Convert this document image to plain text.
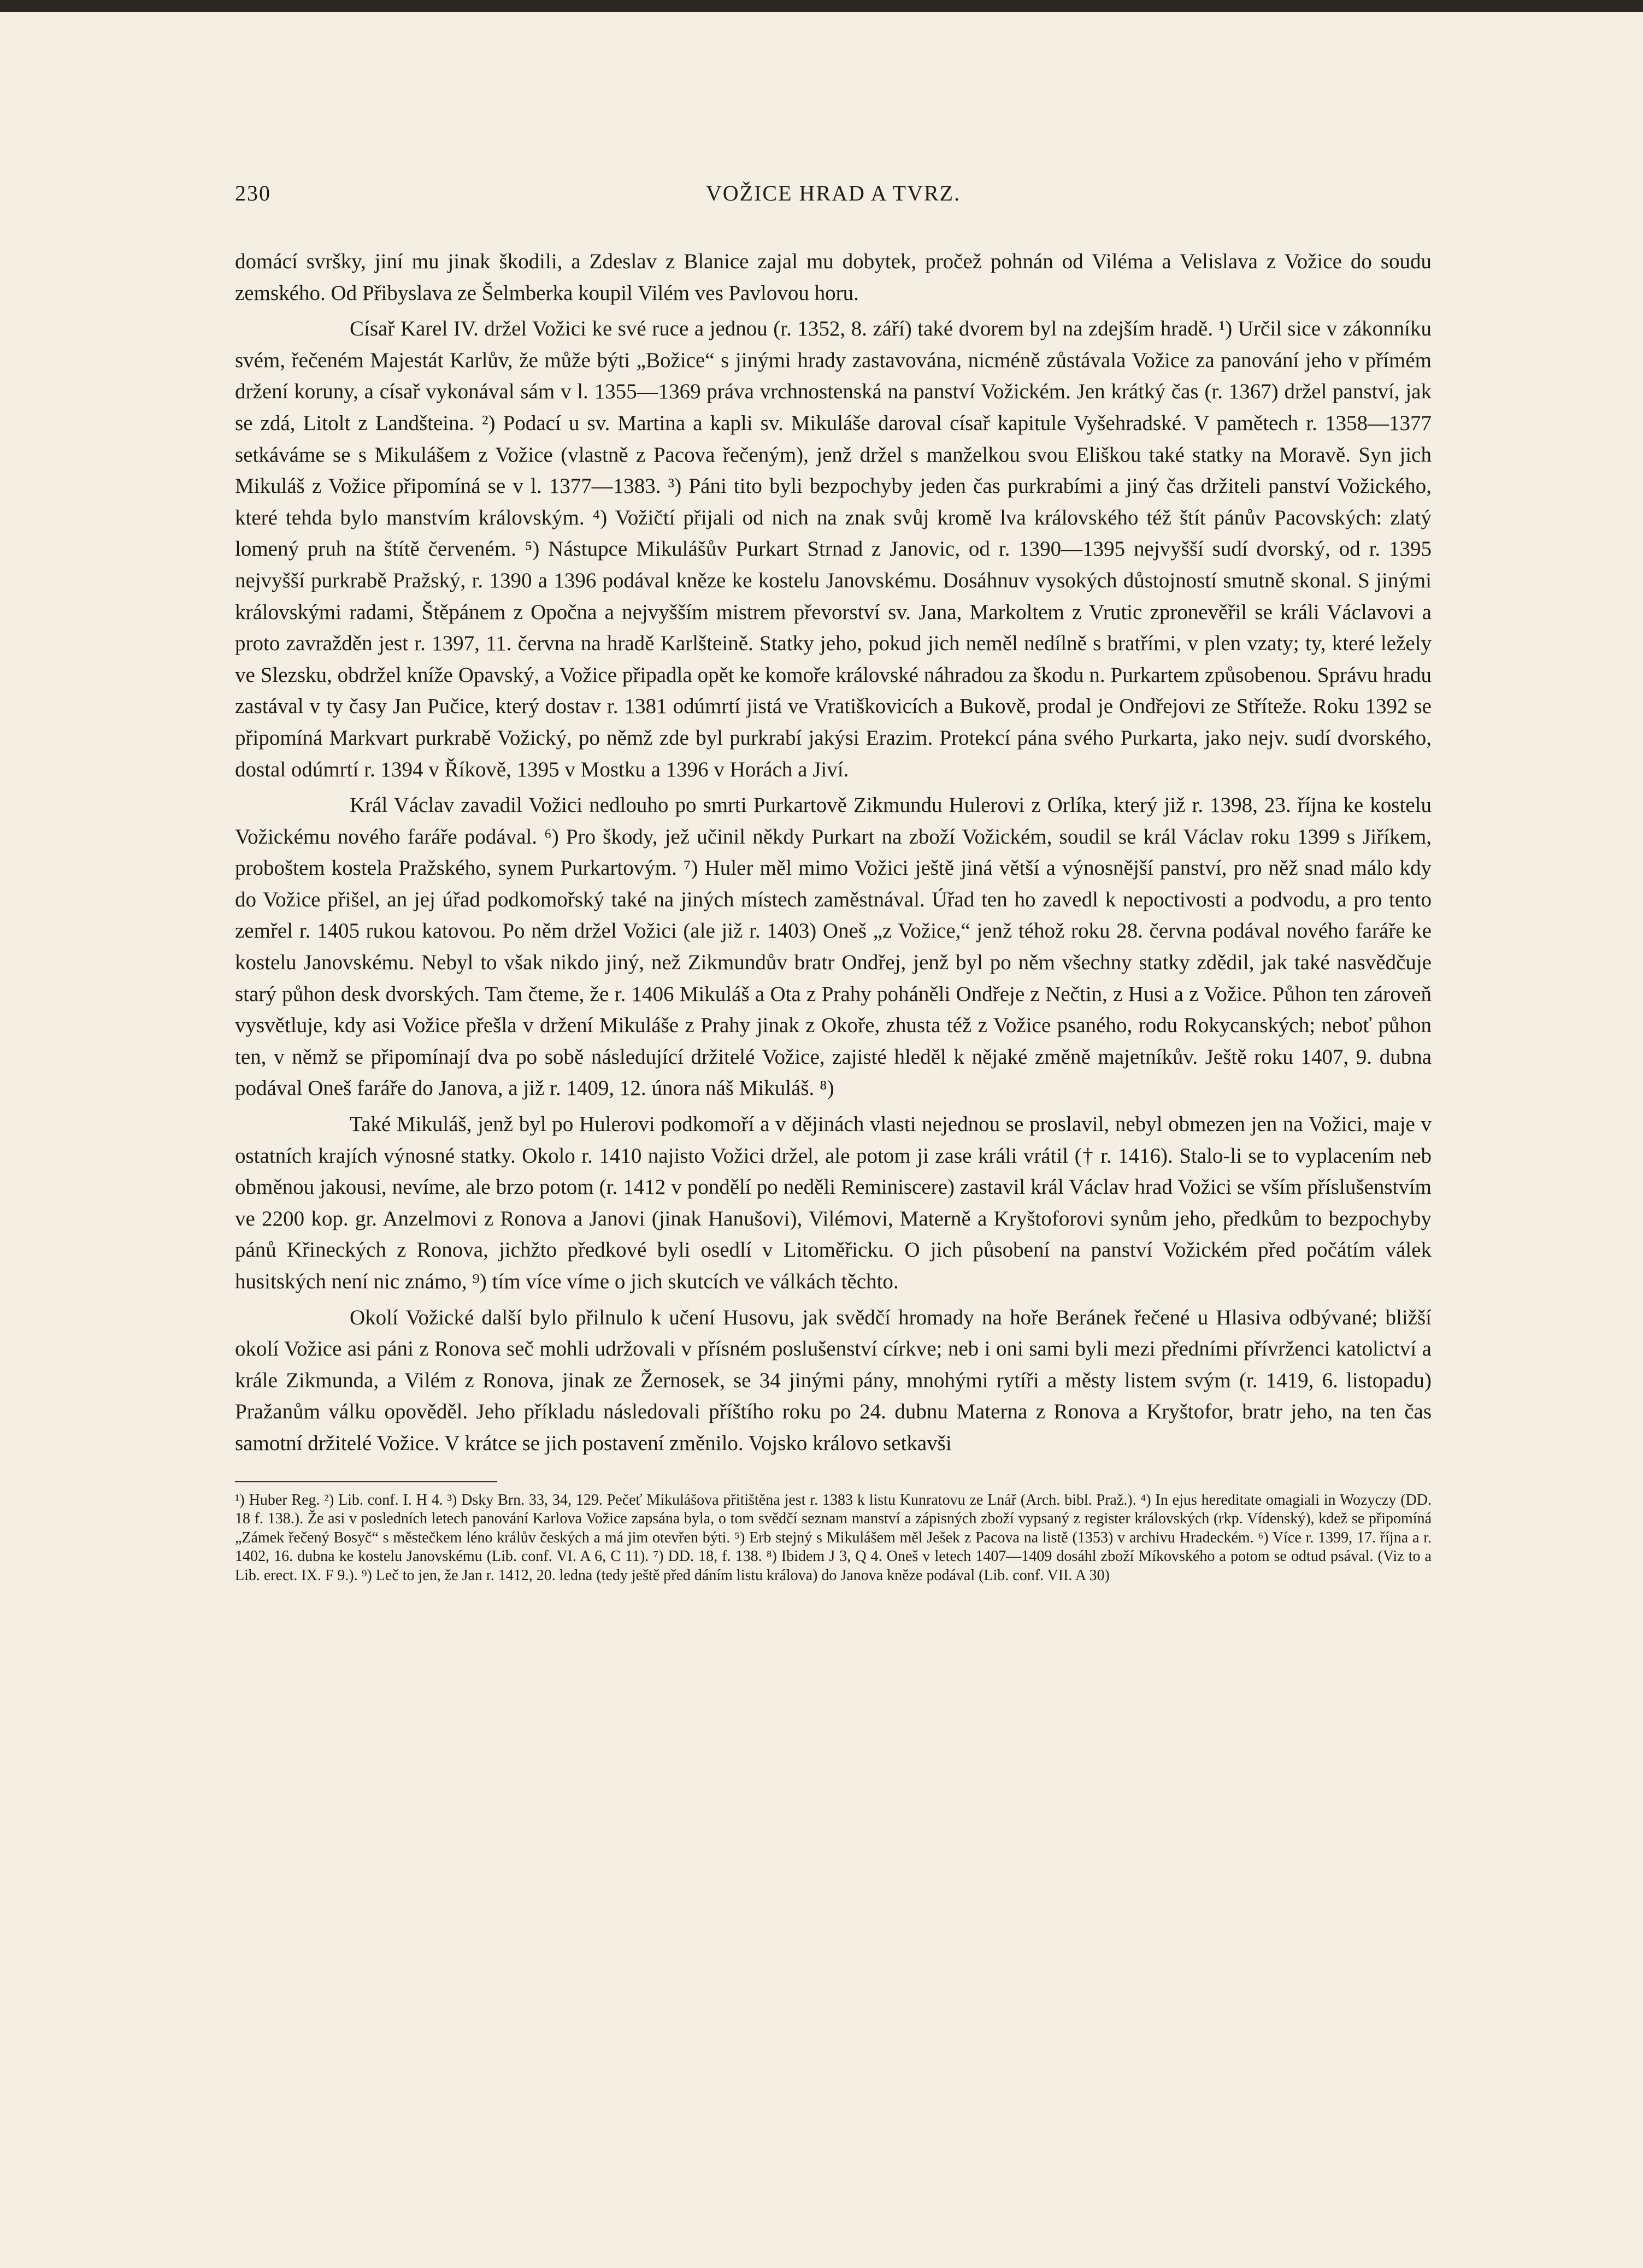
230	VOŽICE HRAD A TVRZ.

domácí svršky, jiní mu jinak škodili, a Zdeslav z Blanice zajal mu dobytek, pročež pohnán od Viléma a Velislava z Vožice do soudu zemského. Od Přibyslava ze Šelmberka koupil Vilém ves Pavlovou horu.

Císař Karel IV. držel Vožici ke své ruce a jednou (r. 1352, 8. září) také dvorem byl na zdejším hradě. ¹) Určil sice v zákonníku svém, řečeném Majestát Karlův, že může býti „Božice“ s jinými hrady zastavována, nicméně zůstávala Vožice za panování jeho v přímém držení koruny, a císař vykonával sám v l. 1355—1369 práva vrchnostenská na panství Vožickém. Jen krátký čas (r. 1367) držel panství, jak se zdá, Litolt z Landšteina. ²) Podací u sv. Martina a kapli sv. Mikuláše daroval císař kapitule Vyšehradské. V pamětech r. 1358—1377 setkáváme se s Mikulášem z Vožice (vlastně z Pacova řečeným), jenž držel s manželkou svou Eliškou také statky na Moravě. Syn jich Mikuláš z Vožice připomíná se v l. 1377—1383. ³) Páni tito byli bezpochyby jeden čas purkrabími a jiný čas držiteli panství Vožického, které tehda bylo manstvím královským. ⁴) Vožičtí přijali od nich na znak svůj kromě lva královského též štít pánův Pacovských: zlatý lomený pruh na štítě červeném. ⁵) Nástupce Mikulášův Purkart Strnad z Janovic, od r. 1390—1395 nejvyšší sudí dvorský, od r. 1395 nejvyšší purkrabě Pražský, r. 1390 a 1396 podával kněze ke kostelu Janovskému. Dosáhnuv vysokých důstojností smutně skonal. S jinými královskými radami, Štěpánem z Opočna a nejvyšším mistrem převorství sv. Jana, Markoltem z Vrutic zpronevěřil se králi Václavovi a proto zavražděn jest r. 1397, 11. června na hradě Karlšteině. Statky jeho, pokud jich neměl nedílně s bratřími, v plen vzaty; ty, které ležely ve Slezsku, obdržel kníže Opavský, a Vožice připadla opět ke komoře královské náhradou za škodu n. Purkartem způsobenou. Správu hradu zastával v ty časy Jan Pučice, který dostav r. 1381 odúmrtí jistá ve Vratiškovicích a Bukově, prodal je Ondřejovi ze Stříteže. Roku 1392 se připomíná Markvart purkrabě Vožický, po němž zde byl purkrabí jakýsi Erazim. Protekcí pána svého Purkarta, jako nejv. sudí dvorského, dostal odúmrtí r. 1394 v Říkově, 1395 v Mostku a 1396 v Horách a Jiví.

Král Václav zavadil Vožici nedlouho po smrti Purkartově Zikmundu Hulerovi z Orlíka, který již r. 1398, 23. října ke kostelu Vožickému nového faráře podával. ⁶) Pro škody, jež učinil někdy Purkart na zboží Vožickém, soudil se král Václav roku 1399 s Jiříkem, proboštem kostela Pražského, synem Purkartovým. ⁷) Huler měl mimo Vožici ještě jiná větší a výnosnější panství, pro něž snad málo kdy do Vožice přišel, an jej úřad podkomořský také na jiných místech zaměstnával. Úřad ten ho zavedl k nepoctivosti a podvodu, a pro tento zemřel r. 1405 rukou katovou. Po něm držel Vožici (ale již r. 1403) Oneš „z Vožice,“ jenž téhož roku 28. června podával nového faráře ke kostelu Janovskému. Nebyl to však nikdo jiný, než Zikmundův bratr Ondřej, jenž byl po něm všechny statky zdědil, jak také nasvědčuje starý půhon desk dvorských. Tam čteme, že r. 1406 Mikuláš a Ota z Prahy poháněli Ondřeje z Nečtin, z Husi a z Vožice. Půhon ten zároveň vysvětluje, kdy asi Vožice přešla v držení Mikuláše z Prahy jinak z Okoře, zhusta též z Vožice psaného, rodu Rokycanských; neboť půhon ten, v němž se připomínají dva po sobě následující držitelé Vožice, zajisté hleděl k nějaké změně majetníkův. Ještě roku 1407, 9. dubna podával Oneš faráře do Janova, a již r. 1409, 12. února náš Mikuláš. ⁸)

Také Mikuláš, jenž byl po Hulerovi podkomoří a v dějinách vlasti nejednou se proslavil, nebyl obmezen jen na Vožici, maje v ostatních krajích výnosné statky. Okolo r. 1410 najisto Vožici držel, ale potom ji zase králi vrátil († r. 1416). Stalo-li se to vyplacením neb obměnou jakousi, nevíme, ale brzo potom (r. 1412 v pondělí po neděli Reminiscere) zastavil král Václav hrad Vožici se vším příslušenstvím ve 2200 kop. gr. Anzelmovi z Ronova a Janovi (jinak Hanušovi), Vilémovi, Materně a Kryštoforovi synům jeho, předkům to bezpochyby pánů Křineckých z Ronova, jichžto předkové byli osedlí v Litoměřicku. O jich působení na panství Vožickém před počátím válek husitských není nic známo, ⁹) tím více víme o jich skutcích ve válkách těchto.

Okolí Vožické další bylo přilnulo k učení Husovu, jak svědčí hromady na hoře Beránek řečené u Hlasiva odbývané; bližší okolí Vožice asi páni z Ronova seč mohli udržovali v přísném poslušenství církve; neb i oni sami byli mezi předními přívrženci katolictví a krále Zikmunda, a Vilém z Ronova, jinak ze Žernosek, se 34 jinými pány, mnohými rytíři a městy listem svým (r. 1419, 6. listopadu) Pražanům válku opověděl. Jeho příkladu následovali příštího roku po 24. dubnu Materna z Ronova a Kryštofor, bratr jeho, na ten čas samotní držitelé Vožice. V krátce se jich postavení změnilo. Vojsko královo setkavši

¹) Huber Reg. ²) Lib. conf. I. H 4. ³) Dsky Brn. 33, 34, 129. Pečeť Mikulášova přitištěna jest r. 1383 k listu Kunratovu ze Lnář (Arch. bibl. Praž.). ⁴) In ejus hereditate omagiali in Wozyczy (DD. 18 f. 138.). Že asi v posledních letech panování Karlova Vožice zapsána byla, o tom svědčí seznam manství a zápisných zboží vypsaný z register královských (rkp. Vídenský), kdež se připomíná „Zámek řečený Bosyč“ s městečkem léno králův českých a má jim otevřen býti. ⁵) Erb stejný s Mikulášem měl Ješek z Pacova na listě (1353) v archivu Hradeckém. ⁶) Více r. 1399, 17. října a r. 1402, 16. dubna ke kostelu Janovskému (Lib. conf. VI. A 6, C 11). ⁷) DD. 18, f. 138. ⁸) Ibidem J 3, Q 4. Oneš v letech 1407—1409 dosáhl zboží Míkovského a potom se odtud psával. (Viz to a Lib. erect. IX. F 9.). ⁹) Leč to jen, že Jan r. 1412, 20. ledna (tedy ještě před dáním listu králova) do Janova kněze podával (Lib. conf. VII. A 30)
